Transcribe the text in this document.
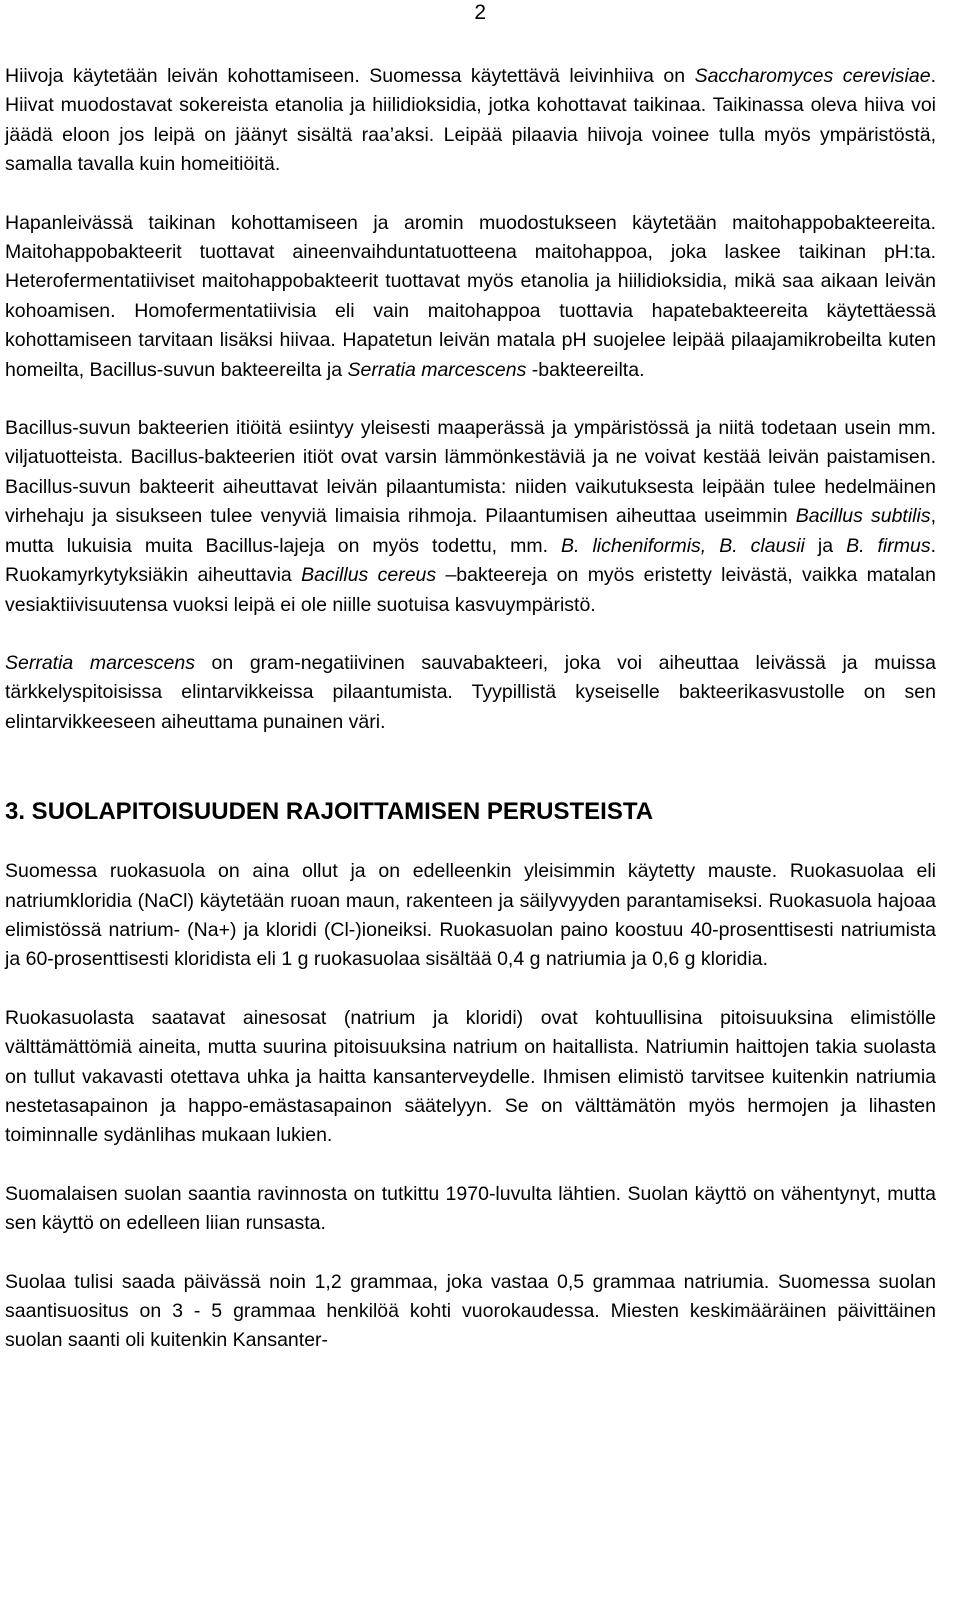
2

Hiivoja käytetään leivän kohottamiseen. Suomessa käytettävä leivinhiiva on Saccharomyces cerevisiae. Hiivat muodostavat sokereista etanolia ja hiilidioksidia, jotka kohottavat taikinaa. Taikinassa oleva hiiva voi jäädä eloon jos leipä on jäänyt sisältä raa’aksi. Leipää pilaavia hiivoja voinee tulla myös ympäristöstä, samalla tavalla kuin homeitiöitä.

Hapanleivässä taikinan kohottamiseen ja aromin muodostukseen käytetään maitohappobakteereita. Maitohappobakteerit tuottavat aineenvaihduntatuotteena maitohappoa, joka laskee taikinan pH:ta. Heterofermentatiiviset maitohappobakteerit tuottavat myös etanolia ja hiilidioksidia, mikä saa aikaan leivän kohoamisen. Homofermentatiivisia eli vain maitohappoa tuottavia hapatebakteereita käytettäessä kohottamiseen tarvitaan lisäksi hiivaa. Hapatetun leivän matala pH suojelee leipää pilaajamikrobeilta kuten homeilta, Bacillus-suvun bakteereilta ja Serratia marcescens -bakteereilta.

Bacillus-suvun bakteerien itiöitä esiintyy yleisesti maaperässä ja ympäristössä ja niitä todetaan usein mm. viljatuotteista. Bacillus-bakteerien itiöt ovat varsin lämmönkestäviä ja ne voivat kestää leivän paistamisen. Bacillus-suvun bakteerit aiheuttavat leivän pilaantumista: niiden vaikutuksesta leipään tulee hedelmäinen virhehaju ja sisukseen tulee venyviä limaisia rihmoja. Pilaantumisen aiheuttaa useimmin Bacillus subtilis, mutta lukuisia muita Bacillus-lajeja on myös todettu, mm. B. licheniformis, B. clausii ja B. firmus. Ruokamyrkytyksiäkin aiheuttavia Bacillus cereus –bakteereja on myös eristetty leivästä, vaikka matalan vesiaktiivisuutensa vuoksi leipä ei ole niille suotuisa kasvuympäristö.

Serratia marcescens on gram-negatiivinen sauvabakteeri, joka voi aiheuttaa leivässä ja muissa tärkkelyspitoisissa elintarvikkeissa pilaantumista. Tyypillistä kyseiselle bakteerikasvustolle on sen elintarvikkeeseen aiheuttama punainen väri.

3. SUOLAPITOISUUDEN RAJOITTAMISEN PERUSTEISTA

Suomessa ruokasuola on aina ollut ja on edelleenkin yleisimmin käytetty mauste. Ruokasuolaa eli natriumkloridia (NaCl) käytetään ruoan maun, rakenteen ja säilyvyyden parantamiseksi. Ruokasuola hajoaa elimistössä natrium- (Na+) ja kloridi (Cl-)ioneiksi. Ruokasuolan paino koostuu 40-prosenttisesti natriumista ja 60-prosenttisesti kloridista eli 1 g ruokasuolaa sisältää 0,4 g natriumia ja 0,6 g kloridia.

Ruokasuolasta saatavat ainesosat (natrium ja kloridi) ovat kohtuullisina pitoisuuksina elimistölle välttämättömiä aineita, mutta suurina pitoisuuksina natrium on haitallista. Natriumin haittojen takia suolasta on tullut vakavasti otettava uhka ja haitta kansanterveydelle. Ihmisen elimistö tarvitsee kuitenkin natriumia nestetasapainon ja happo-emästasapainon säätelyyn. Se on välttämätön myös hermojen ja lihasten toiminnalle sydänlihas mukaan lukien.

Suomalaisen suolan saantia ravinnosta on tutkittu 1970-luvulta lähtien. Suolan käyttö on vähentynyt, mutta sen käyttö on edelleen liian runsasta.

Suolaa tulisi saada päivässä noin 1,2 grammaa, joka vastaa 0,5 grammaa natriumia. Suomessa suolan saantisuositus on 3 - 5 grammaa henkilöä kohti vuorokaudessa. Miesten keskimääräinen päivittäinen suolan saanti oli kuitenkin Kansanter-
